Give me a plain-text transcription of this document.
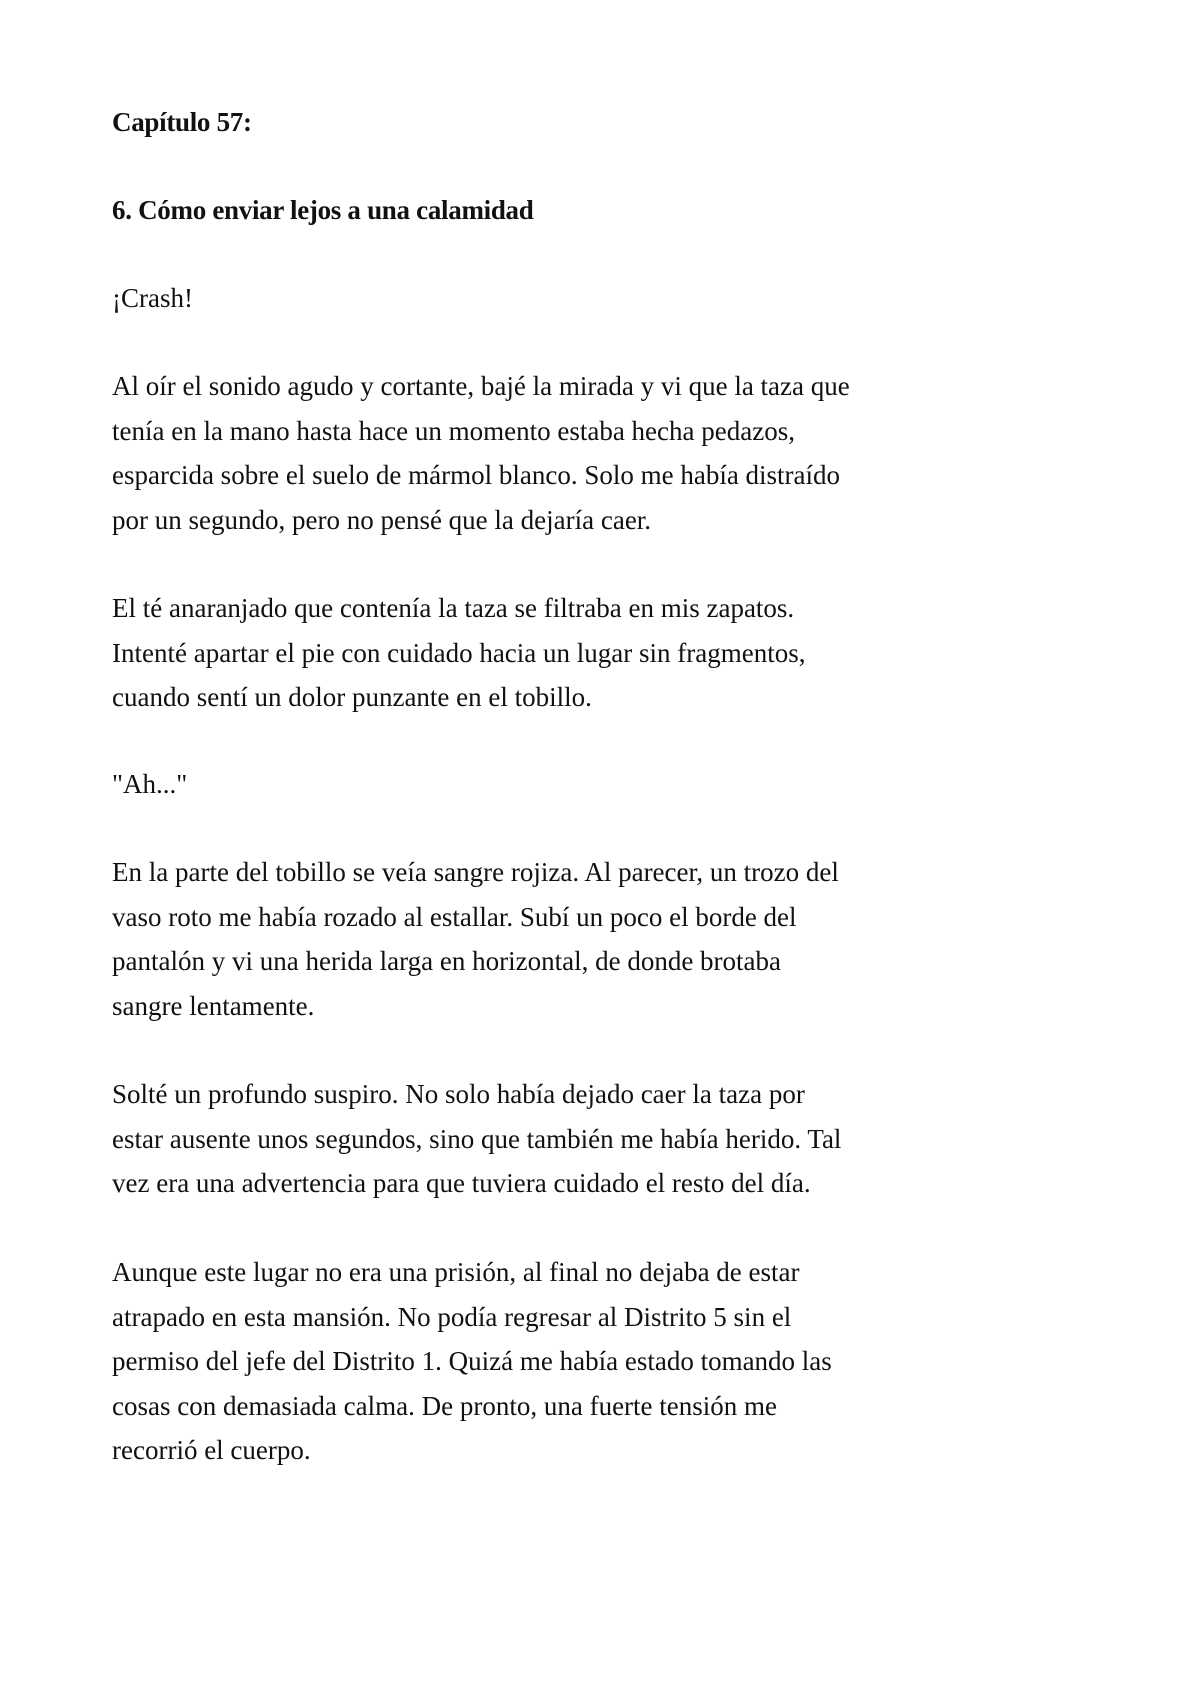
Capítulo 57:
6. Cómo enviar lejos a una calamidad

¡Crash!

Al oír el sonido agudo y cortante, bajé la mirada y vi que la taza que
tenía en la mano hasta hace un momento estaba hecha pedazos,
esparcida sobre el suelo de mármol blanco. Solo me había distraído
por un segundo, pero no pensé que la dejaría caer.

El té anaranjado que contenía la taza se filtraba en mis zapatos.
Intenté apartar el pie con cuidado hacia un lugar sin fragmentos,
cuando sentí un dolor punzante en el tobillo.

"Ah..."

En la parte del tobillo se veía sangre rojiza. Al parecer, un trozo del
vaso roto me había rozado al estallar. Subí un poco el borde del
pantalón y vi una herida larga en horizontal, de donde brotaba
sangre lentamente.

Solté un profundo suspiro. No solo había dejado caer la taza por
estar ausente unos segundos, sino que también me había herido. Tal
vez era una advertencia para que tuviera cuidado el resto del día.

Aunque este lugar no era una prisión, al final no dejaba de estar
atrapado en esta mansión. No podía regresar al Distrito 5 sin el
permiso del jefe del Distrito 1. Quizá me había estado tomando las
cosas con demasiada calma. De pronto, una fuerte tensión me
recorrió el cuerpo.
